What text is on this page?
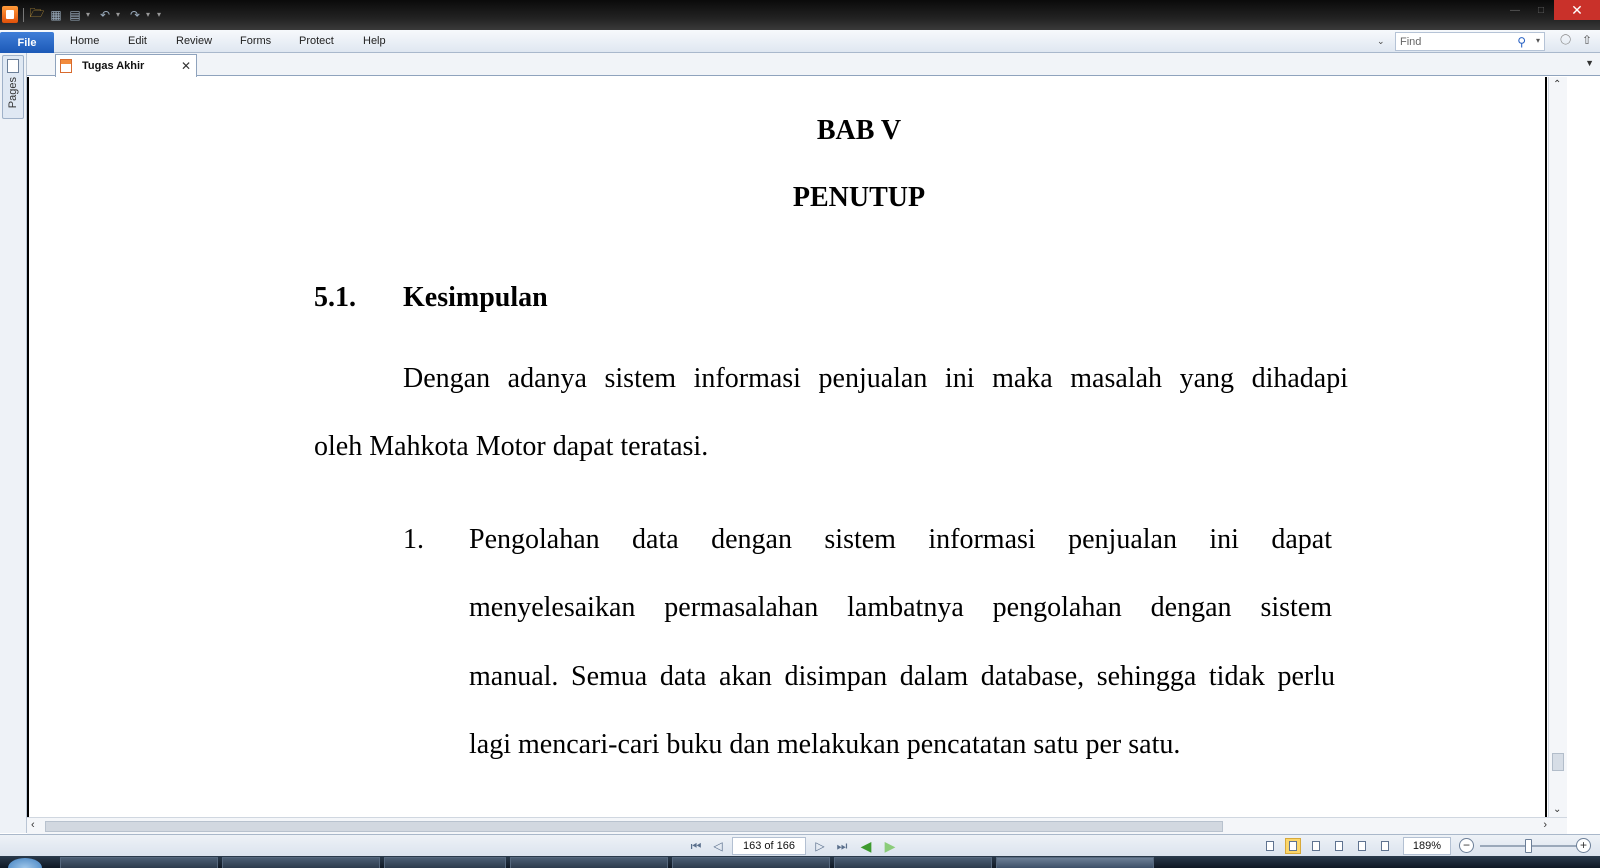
🗁 ▦ ▤ ▾ ↶ ▾ ↷ ▾ ▾	—	□	✕
File	Home	Edit	Review	Forms	Protect	Help	⌄
Find	⚲ ▾ ◯ ⇧
Pages
Tugas Akhir	✕	▼
BAB V
PENUTUP
5.1. Kesimpulan
Dengan adanya sistem informasi penjualan ini maka masalah yang dihadapi
oleh Mahkota Motor dapat teratasi.
1. Pengolahan data dengan sistem informasi penjualan ini dapat
menyelesaikan permasalahan lambatnya pengolahan dengan sistem
manual. Semua data akan disimpan dalam database, sehingga tidak perlu
lagi mencari-cari buku dan melakukan pencatatan satu per satu.
⌃
⌄
‹	›
⏮ ◁	163 of 166	▷ ⏭ ◀ ▶	189%	−	+
